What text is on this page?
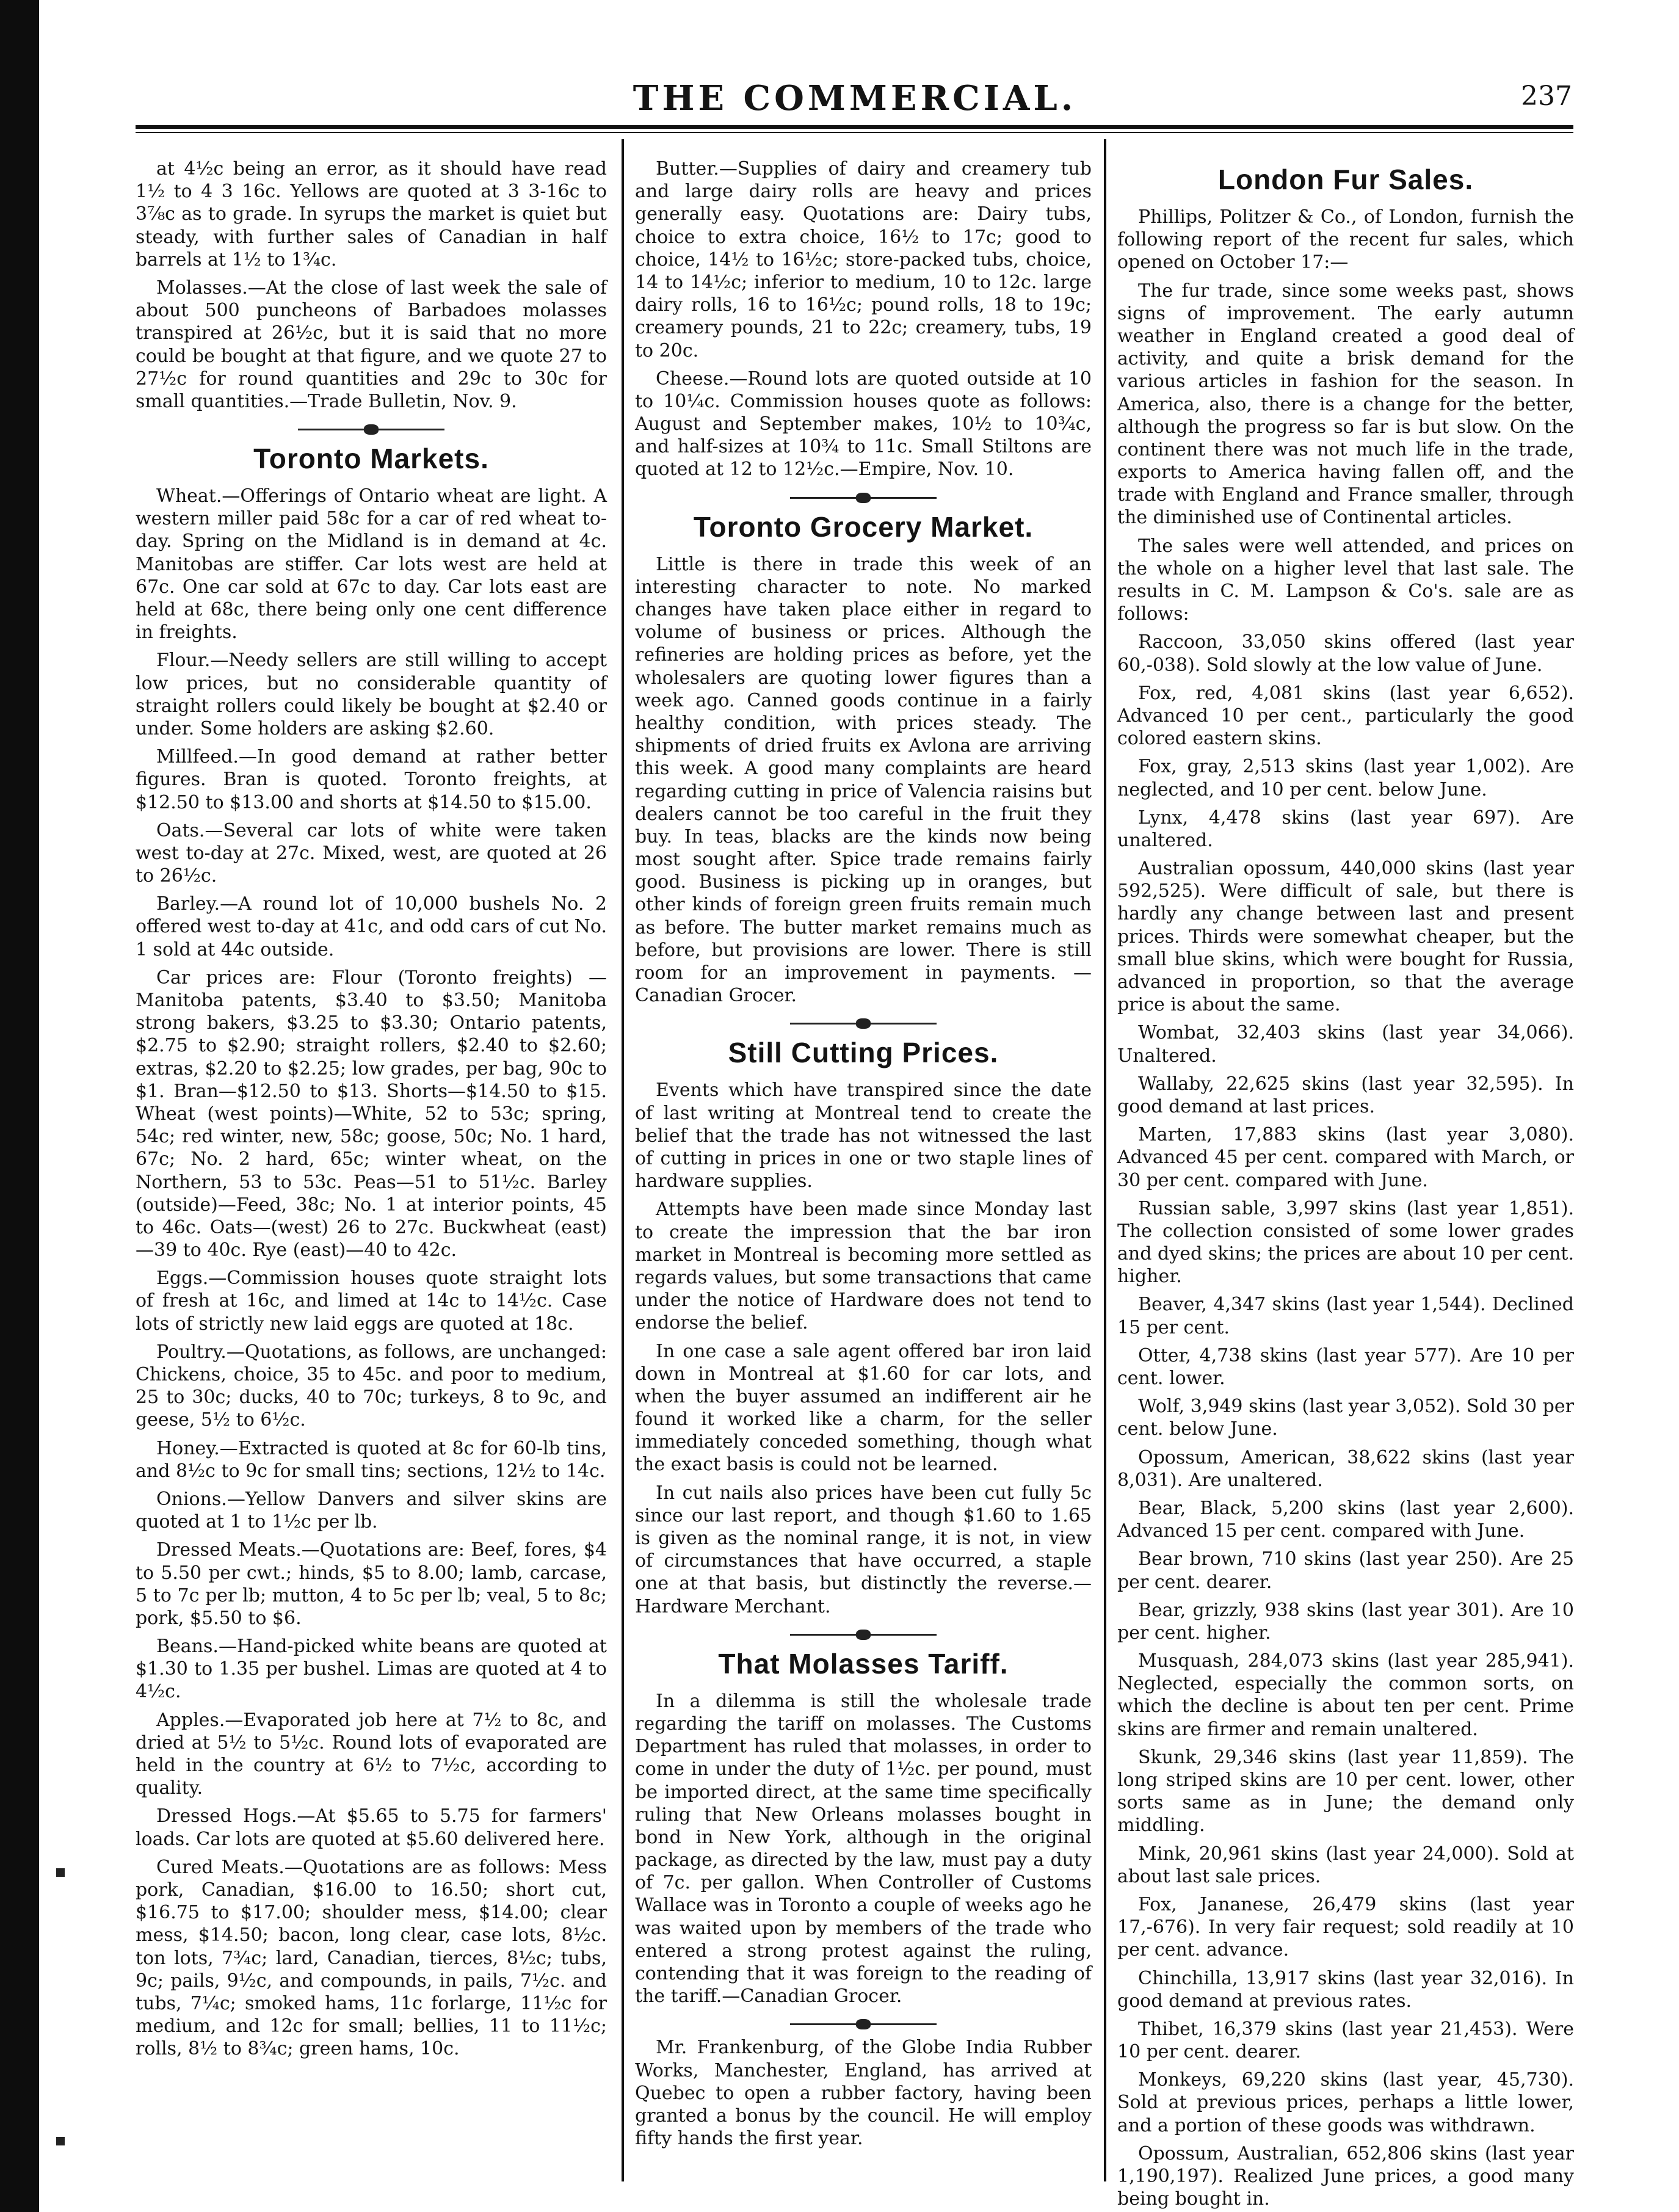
THE COMMERCIAL.	237

at 4½c being an error, as it should have read 1½ to 4 3 16c. Yellows are quoted at 3 3-16c to 3⅞c as to grade. In syrups the market is quiet but steady, with further sales of Canadian in half barrels at 1½ to 1¾c.

Molasses.—At the close of last week the sale of about 500 puncheons of Barbadoes molasses transpired at 26½c, but it is said that no more could be bought at that figure, and we quote 27 to 27½c for round quantities and 29c to 30c for small quantities.—Trade Bulletin, Nov. 9.

Toronto Markets.

Wheat.—Offerings of Ontario wheat are light. A western miller paid 58c for a car of red wheat to-day. Spring on the Midland is in demand at 4c. Manitobas are stiffer. Car lots west are held at 67c. One car sold at 67c to day. Car lots east are held at 68c, there being only one cent difference in freights.

Flour.—Needy sellers are still willing to accept low prices, but no considerable quantity of straight rollers could likely be bought at $2.40 or under. Some holders are asking $2.60.

Millfeed.—In good demand at rather better figures. Bran is quoted. Toronto freights, at $12.50 to $13.00 and shorts at $14.50 to $15.00.

Oats.—Several car lots of white were taken west to-day at 27c. Mixed, west, are quoted at 26 to 26½c.

Barley.—A round lot of 10,000 bushels No. 2 offered west to-day at 41c, and odd cars of cut No. 1 sold at 44c outside.

Car prices are: Flour (Toronto freights) — Manitoba patents, $3.40 to $3.50; Manitoba strong bakers, $3.25 to $3.30; Ontario patents, $2.75 to $2.90; straight rollers, $2.40 to $2.60; extras, $2.20 to $2.25; low grades, per bag, 90c to $1. Bran—$12.50 to $13. Shorts—$14.50 to $15. Wheat (west points)—White, 52 to 53c; spring, 54c; red winter, new, 58c; goose, 50c; No. 1 hard, 67c; No. 2 hard, 65c; winter wheat, on the Northern, 53 to 53c. Peas—51 to 51½c. Barley (outside)—Feed, 38c; No. 1 at interior points, 45 to 46c. Oats—(west) 26 to 27c. Buckwheat (east)—39 to 40c. Rye (east)—40 to 42c.

Eggs.—Commission houses quote straight lots of fresh at 16c, and limed at 14c to 14½c. Case lots of strictly new laid eggs are quoted at 18c.

Poultry.—Quotations, as follows, are unchanged: Chickens, choice, 35 to 45c. and poor to medium, 25 to 30c; ducks, 40 to 70c; turkeys, 8 to 9c, and geese, 5½ to 6½c.

Honey.—Extracted is quoted at 8c for 60-lb tins, and 8½c to 9c for small tins; sections, 12½ to 14c.

Onions.—Yellow Danvers and silver skins are quoted at 1 to 1½c per lb.

Dressed Meats.—Quotations are: Beef, fores, $4 to 5.50 per cwt.; hinds, $5 to 8.00; lamb, carcase, 5 to 7c per lb; mutton, 4 to 5c per lb; veal, 5 to 8c; pork, $5.50 to $6.

Beans.—Hand-picked white beans are quoted at $1.30 to 1.35 per bushel. Limas are quoted at 4 to 4½c.

Apples.—Evaporated job here at 7½ to 8c, and dried at 5½ to 5½c. Round lots of evaporated are held in the country at 6½ to 7½c, according to quality.

Dressed Hogs.—At $5.65 to 5.75 for farmers' loads. Car lots are quoted at $5.60 delivered here.

Cured Meats.—Quotations are as follows: Mess pork, Canadian, $16.00 to 16.50; short cut, $16.75 to $17.00; shoulder mess, $14.00; clear mess, $14.50; bacon, long clear, case lots, 8½c. ton lots, 7¾c; lard, Canadian, tierces, 8½c; tubs, 9c; pails, 9½c, and compounds, in pails, 7½c. and tubs, 7¼c; smoked hams, 11c forlarge, 11½c for medium, and 12c for small; bellies, 11 to 11½c; rolls, 8½ to 8¾c; green hams, 10c.

Butter.—Supplies of dairy and creamery tub and large dairy rolls are heavy and prices generally easy. Quotations are: Dairy tubs, choice to extra choice, 16½ to 17c; good to choice, 14½ to 16½c; store-packed tubs, choice, 14 to 14½c; inferior to medium, 10 to 12c. large dairy rolls, 16 to 16½c; pound rolls, 18 to 19c; creamery pounds, 21 to 22c; creamery, tubs, 19 to 20c.

Cheese.—Round lots are quoted outside at 10 to 10¼c. Commission houses quote as follows: August and September makes, 10½ to 10¾c, and half-sizes at 10¾ to 11c. Small Stiltons are quoted at 12 to 12½c.—Empire, Nov. 10.

Toronto Grocery Market.

Little is there in trade this week of an interesting character to note. No marked changes have taken place either in regard to volume of business or prices. Although the refineries are holding prices as before, yet the wholesalers are quoting lower figures than a week ago. Canned goods continue in a fairly healthy condition, with prices steady. The shipments of dried fruits ex Avlona are arriving this week. A good many complaints are heard regarding cutting in price of Valencia raisins but dealers cannot be too careful in the fruit they buy. In teas, blacks are the kinds now being most sought after. Spice trade remains fairly good. Business is picking up in oranges, but other kinds of foreign green fruits remain much as before. The butter market remains much as before, but provisions are lower. There is still room for an improvement in payments. —Canadian Grocer.

Still Cutting Prices.

Events which have transpired since the date of last writing at Montreal tend to create the belief that the trade has not witnessed the last of cutting in prices in one or two staple lines of hardware supplies.

Attempts have been made since Monday last to create the impression that the bar iron market in Montreal is becoming more settled as regards values, but some transactions that came under the notice of Hardware does not tend to endorse the belief.

In one case a sale agent offered bar iron laid down in Montreal at $1.60 for car lots, and when the buyer assumed an indifferent air he found it worked like a charm, for the seller immediately conceded something, though what the exact basis is could not be learned.

In cut nails also prices have been cut fully 5c since our last report, and though $1.60 to 1.65 is given as the nominal range, it is not, in view of circumstances that have occurred, a staple one at that basis, but distinctly the reverse.—Hardware Merchant.

That Molasses Tariff.

In a dilemma is still the wholesale trade regarding the tariff on molasses. The Customs Department has ruled that molasses, in order to come in under the duty of 1½c. per pound, must be imported direct, at the same time specifically ruling that New Orleans molasses bought in bond in New York, although in the original package, as directed by the law, must pay a duty of 7c. per gallon. When Controller of Customs Wallace was in Toronto a couple of weeks ago he was waited upon by members of the trade who entered a strong protest against the ruling, contending that it was foreign to the reading of the tariff.—Canadian Grocer.

Mr. Frankenburg, of the Globe India Rubber Works, Manchester, England, has arrived at Quebec to open a rubber factory, having been granted a bonus by the council. He will employ fifty hands the first year.

London Fur Sales.

Phillips, Politzer & Co., of London, furnish the following report of the recent fur sales, which opened on October 17:—

The fur trade, since some weeks past, shows signs of improvement. The early autumn weather in England created a good deal of activity, and quite a brisk demand for the various articles in fashion for the season. In America, also, there is a change for the better, although the progress so far is but slow. On the continent there was not much life in the trade, exports to America having fallen off, and the trade with England and France smaller, through the diminished use of Continental articles.

The sales were well attended, and prices on the whole on a higher level that last sale. The results in C. M. Lampson & Co's. sale are as follows:

Raccoon, 33,050 skins offered (last year 60,-038). Sold slowly at the low value of June.

Fox, red, 4,081 skins (last year 6,652). Advanced 10 per cent., particularly the good colored eastern skins.

Fox, gray, 2,513 skins (last year 1,002). Are neglected, and 10 per cent. below June.

Lynx, 4,478 skins (last year 697). Are unaltered.

Australian opossum, 440,000 skins (last year 592,525). Were difficult of sale, but there is hardly any change between last and present prices. Thirds were somewhat cheaper, but the small blue skins, which were bought for Russia, advanced in proportion, so that the average price is about the same.

Wombat, 32,403 skins (last year 34,066). Unaltered.

Wallaby, 22,625 skins (last year 32,595). In good demand at last prices.

Marten, 17,883 skins (last year 3,080). Advanced 45 per cent. compared with March, or 30 per cent. compared with June.

Russian sable, 3,997 skins (last year 1,851). The collection consisted of some lower grades and dyed skins; the prices are about 10 per cent. higher.

Beaver, 4,347 skins (last year 1,544). Declined 15 per cent.

Otter, 4,738 skins (last year 577). Are 10 per cent. lower.

Wolf, 3,949 skins (last year 3,052). Sold 30 per cent. below June.

Opossum, American, 38,622 skins (last year 8,031). Are unaltered.

Bear, Black, 5,200 skins (last year 2,600). Advanced 15 per cent. compared with June.

Bear brown, 710 skins (last year 250). Are 25 per cent. dearer.

Bear, grizzly, 938 skins (last year 301). Are 10 per cent. higher.

Musquash, 284,073 skins (last year 285,941). Neglected, especially the common sorts, on which the decline is about ten per cent. Prime skins are firmer and remain unaltered.

Skunk, 29,346 skins (last year 11,859). The long striped skins are 10 per cent. lower, other sorts same as in June; the demand only middling.

Mink, 20,961 skins (last year 24,000). Sold at about last sale prices.

Fox, Jananese, 26,479 skins (last year 17,-676). In very fair request; sold readily at 10 per cent. advance.

Chinchilla, 13,917 skins (last year 32,016). In good demand at previous rates.

Thibet, 16,379 skins (last year 21,453). Were 10 per cent. dearer.

Monkeys, 69,220 skins (last year, 45,730). Sold at previous prices, perhaps a little lower, and a portion of these goods was withdrawn.

Opossum, Australian, 652,806 skins (last year 1,190,197). Realized June prices, a good many being bought in.
